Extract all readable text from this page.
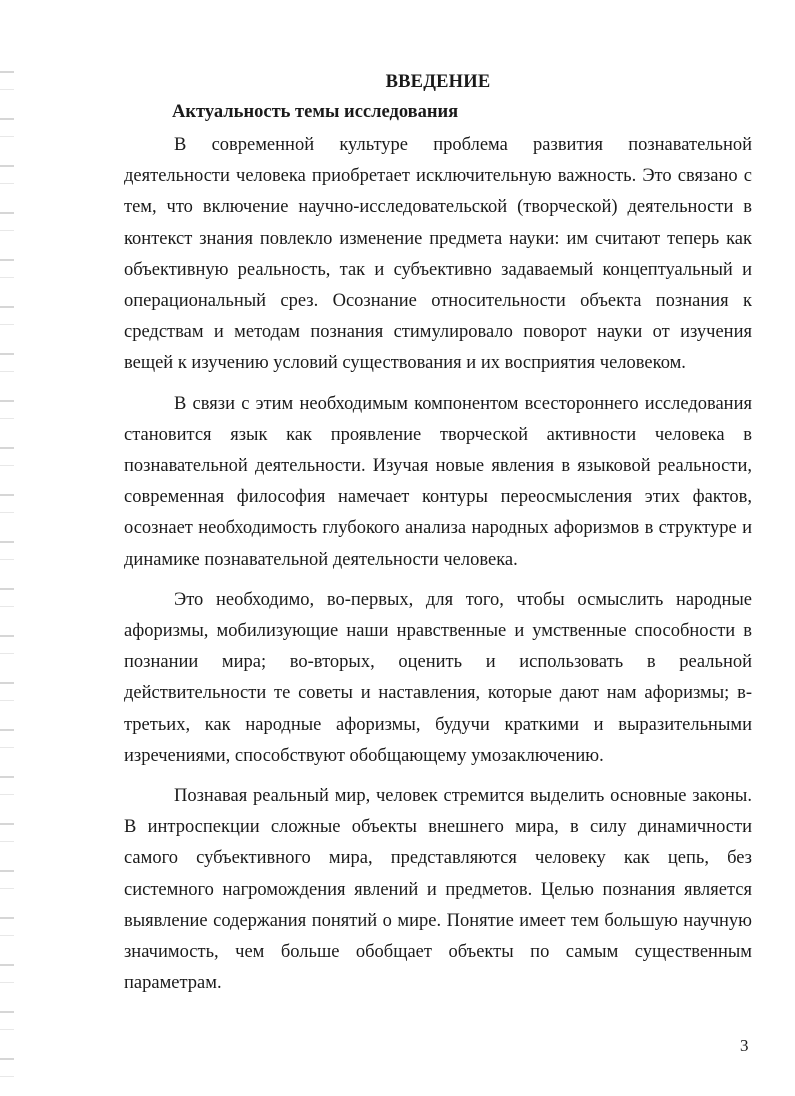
ВВЕДЕНИЕ
Актуальность темы исследования

В современной культуре проблема развития познавательной деятельности человека приобретает исключительную важность. Это связано с тем, что включение научно-исследовательской (творческой) деятельности в контекст знания повлекло изменение предмета науки: им считают теперь как объективную реальность, так и субъективно задаваемый концептуальный и операциональный срез. Осознание относительности объекта познания к средствам и методам познания стимулировало поворот науки от изучения вещей к изучению условий существования и их восприятия человеком.

В связи с этим необходимым компонентом всестороннего исследования становится язык как проявление творческой активности человека в познавательной деятельности. Изучая новые явления в языковой реальности, современная философия намечает контуры переосмысления этих фактов, осознает необходимость глубокого анализа народных афоризмов в структуре и динамике познавательной деятельности человека.

Это необходимо, во-первых, для того, чтобы осмыслить народные афоризмы, мобилизующие наши нравственные и умственные способности в познании мира; во-вторых, оценить и использовать в реальной действительности те советы и наставления, которые дают нам афоризмы; в-третьих, как народные афоризмы, будучи краткими и выразительными изречениями, способствуют обобщающему умозаключению.

Познавая реальный мир, человек стремится выделить основные законы. В интроспекции сложные объекты внешнего мира, в силу динамичности самого субъективного мира, представляются человеку как цепь, без системного нагромождения явлений и предметов. Целью познания является выявление содержания понятий о мире. Понятие имеет тем большую научную значимость, чем больше обобщает объекты по самым существенным параметрам.

3
